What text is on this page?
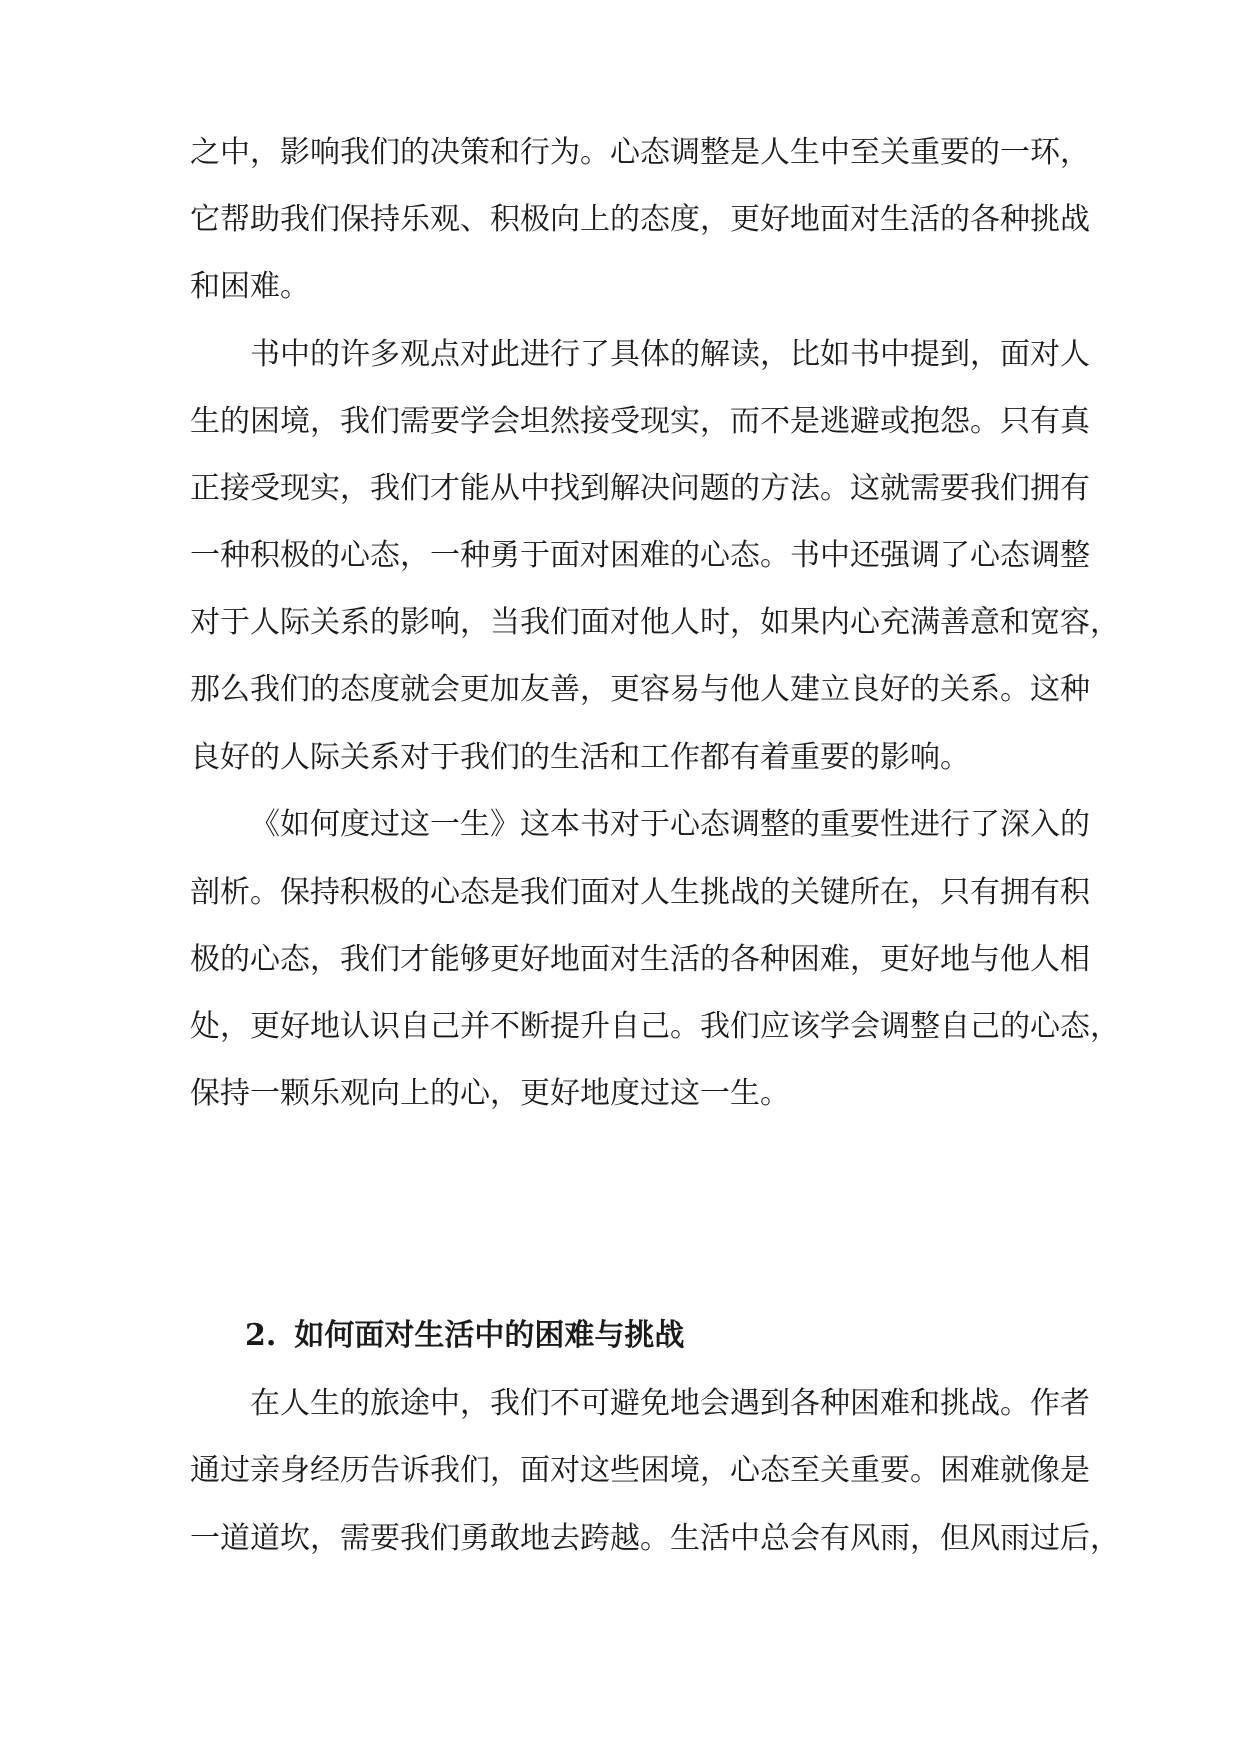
之中，影响我们的决策和行为。心态调整是人生中至关重要的一环，
它帮助我们保持乐观、积极向上的态度，更好地面对生活的各种挑战
和困难。
书中的许多观点对此进行了具体的解读，比如书中提到，面对人
生的困境，我们需要学会坦然接受现实，而不是逃避或抱怨。只有真
正接受现实，我们才能从中找到解决问题的方法。这就需要我们拥有
一种积极的心态，一种勇于面对困难的心态。书中还强调了心态调整
对于人际关系的影响，当我们面对他人时，如果内心充满善意和宽容，
那么我们的态度就会更加友善，更容易与他人建立良好的关系。这种
良好的人际关系对于我们的生活和工作都有着重要的影响。
《如何度过这一生》这本书对于心态调整的重要性进行了深入的
剖析。保持积极的心态是我们面对人生挑战的关键所在，只有拥有积
极的心态，我们才能够更好地面对生活的各种困难，更好地与他人相
处，更好地认识自己并不断提升自己。我们应该学会调整自己的心态，
保持一颗乐观向上的心，更好地度过这一生。
2. 如何面对生活中的困难与挑战
在人生的旅途中，我们不可避免地会遇到各种困难和挑战。作者
通过亲身经历告诉我们，面对这些困境，心态至关重要。困难就像是
一道道坎，需要我们勇敢地去跨越。生活中总会有风雨，但风雨过后，
